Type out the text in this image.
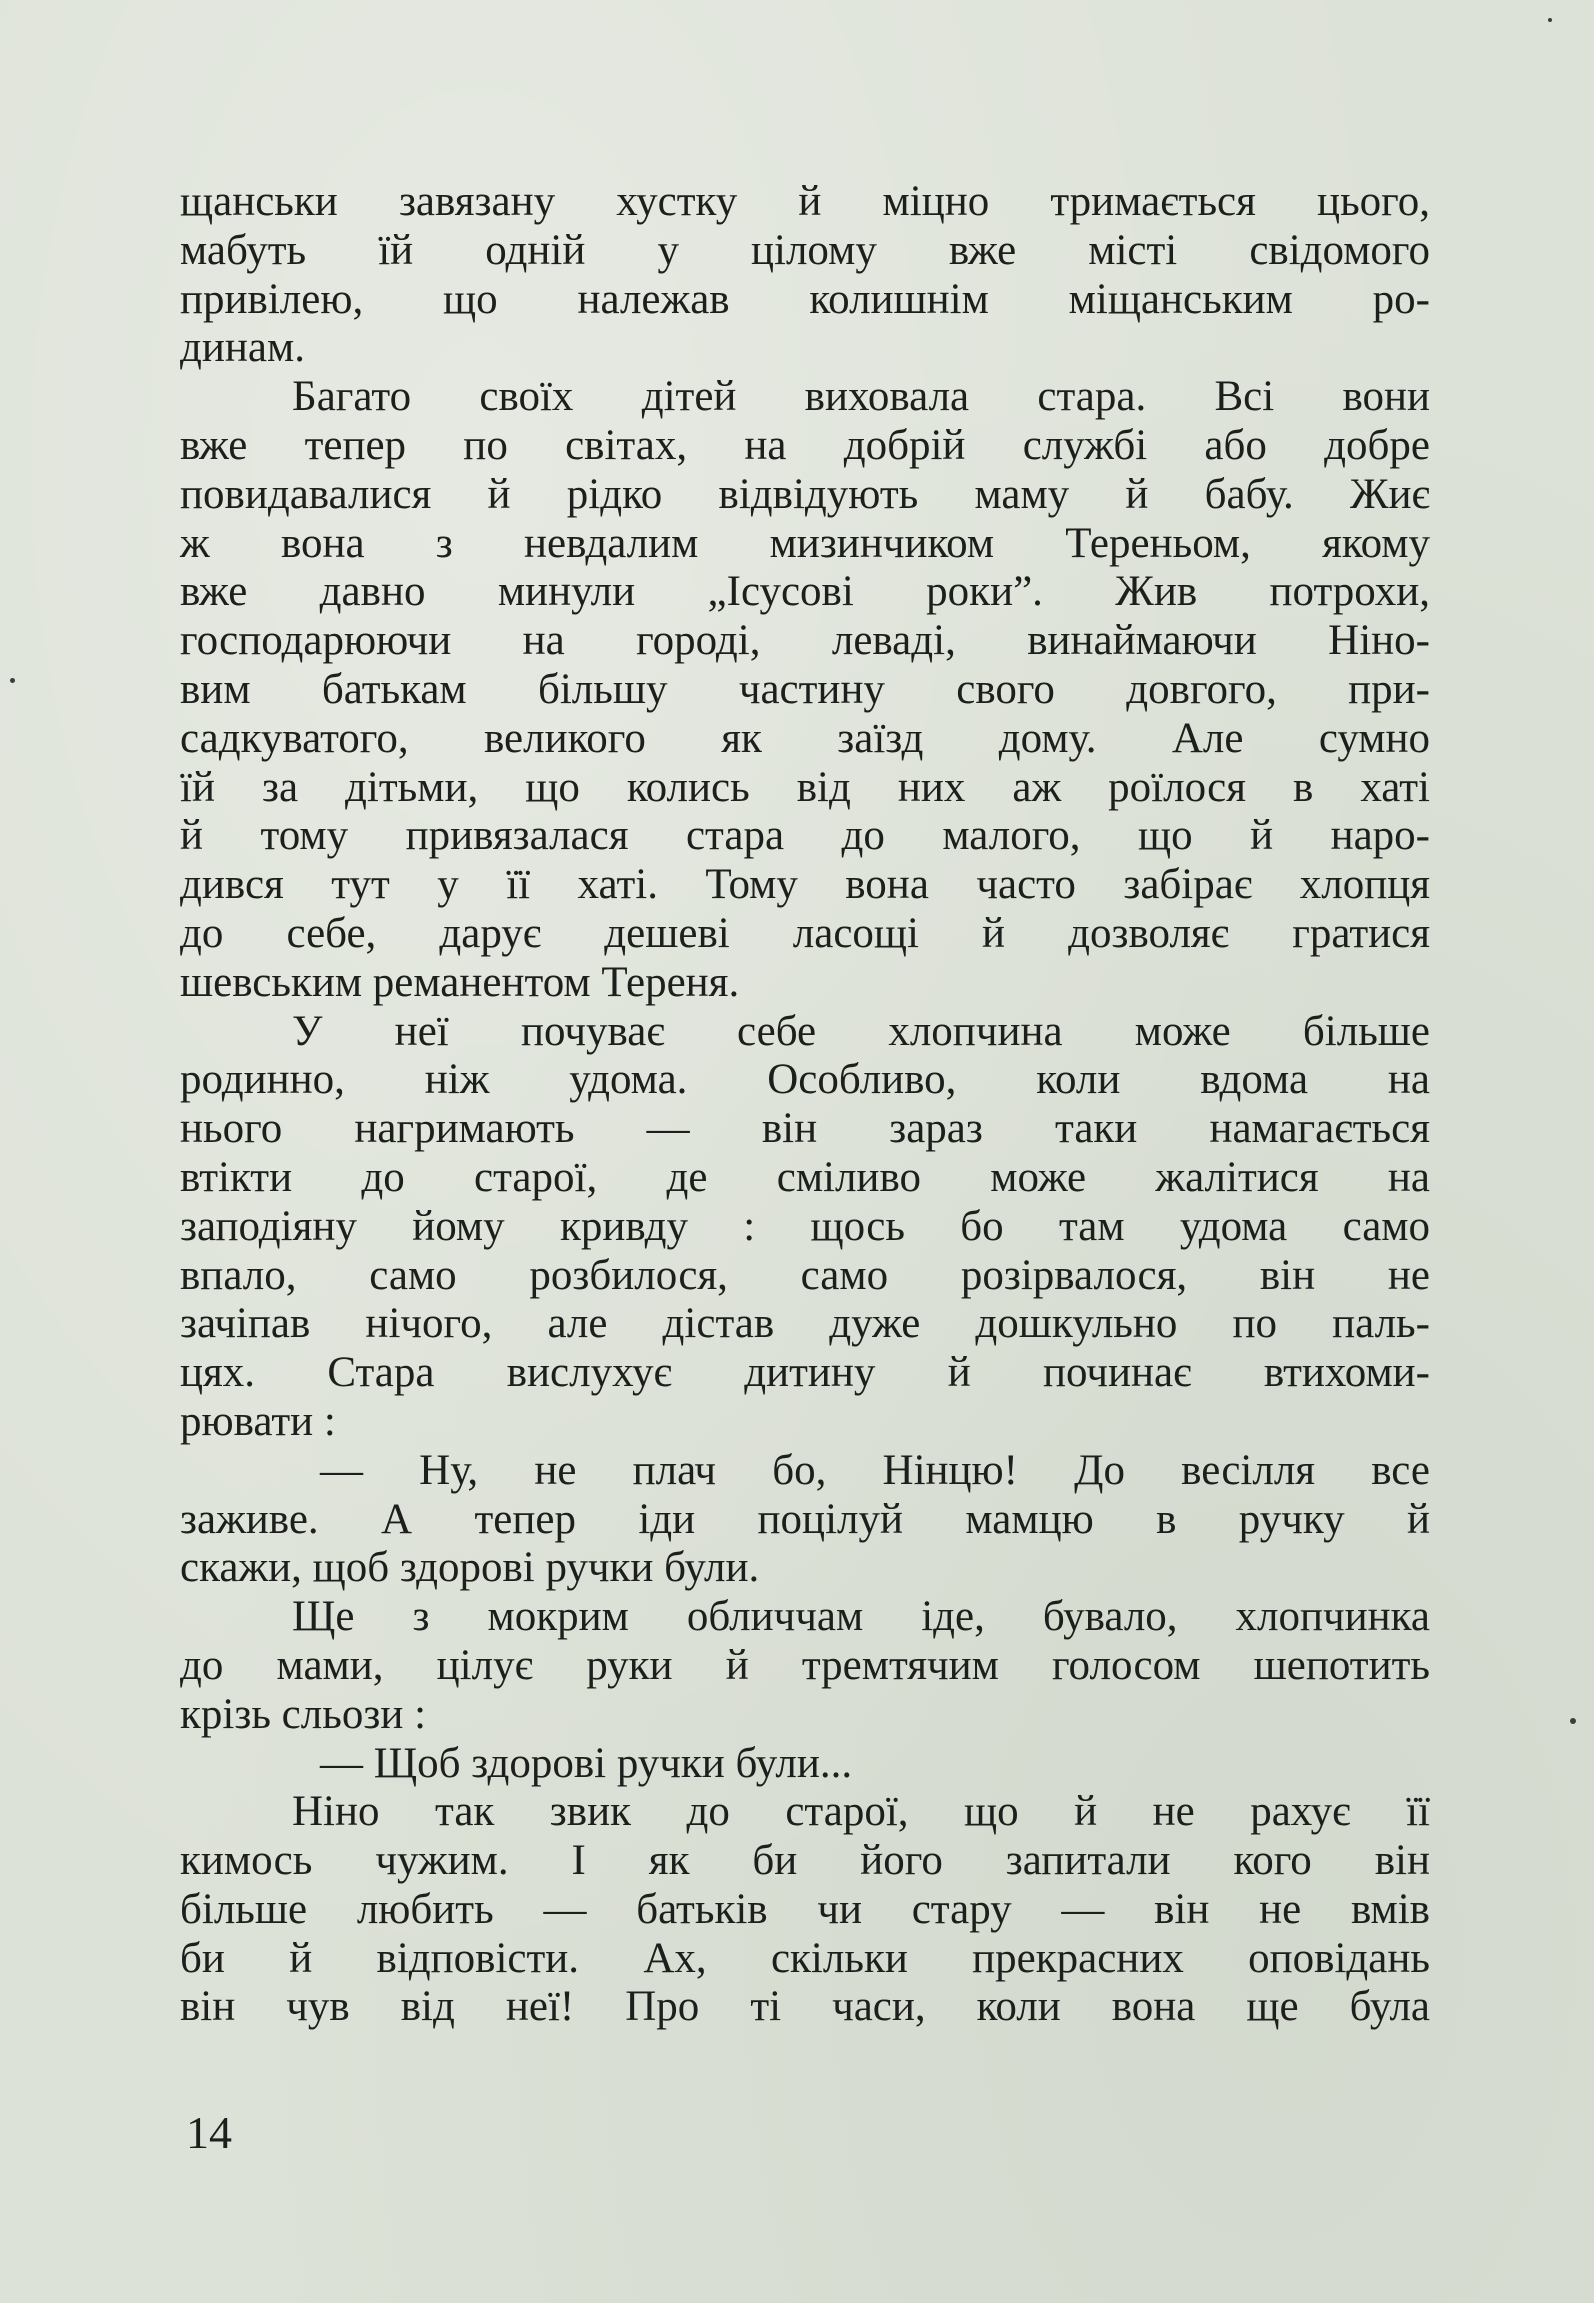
щанськи завязану хустку й міцно тримається цього,
мабуть їй одній у цілому вже місті свідомого
привілею, що належав колишнім міщанським ро-
динам.
Багато своїх дітей виховала стара. Всі вони
вже тепер по світах, на добрій службі або добре
повидавалися й рідко відвідують маму й бабу. Жиє
ж вона з невдалим мизинчиком Тереньом, якому
вже давно минули „Ісусові роки”. Жив потрохи,
господарюючи на городі, леваді, винаймаючи Ніно-
вим батькам більшу частину свого довгого, при-
садкуватого, великого як заїзд дому. Але сумно
їй за дітьми, що колись від них аж роїлося в хаті
й тому привязалася стара до малого, що й наро-
дився тут у її хаті. Тому вона часто забірає хлопця
до себе, дарує дешеві ласощі й дозволяє гратися
шевським реманентом Тереня.
У неї почуває себе хлопчина може більше
родинно, ніж удома. Особливо, коли вдома на
нього нагримають — він зараз таки намагається
втікти до старої, де сміливо може жалітися на
заподіяну йому кривду : щось бо там удома само
впало, само розбилося, само розірвалося, він не
зачіпав нічого, але дістав дуже дошкульно по паль-
цях. Стара вислухує дитину й починає втихоми-
рювати :
— Ну, не плач бо, Нінцю! До весілля все
заживе. А тепер іди поцілуй мамцю в ручку й
скажи, щоб здорові ручки були.
Ще з мокрим обличчам іде, бувало, хлопчинка
до мами, цілує руки й тремтячим голосом шепотить
крізь сльози :
— Щоб здорові ручки були...
Ніно так звик до старої, що й не рахує її
кимось чужим. І як би його запитали кого він
більше любить — батьків чи стару — він не вмів
би й відповісти. Ах, скільки прекрасних оповідань
він чув від неї! Про ті часи, коли вона ще була
14
